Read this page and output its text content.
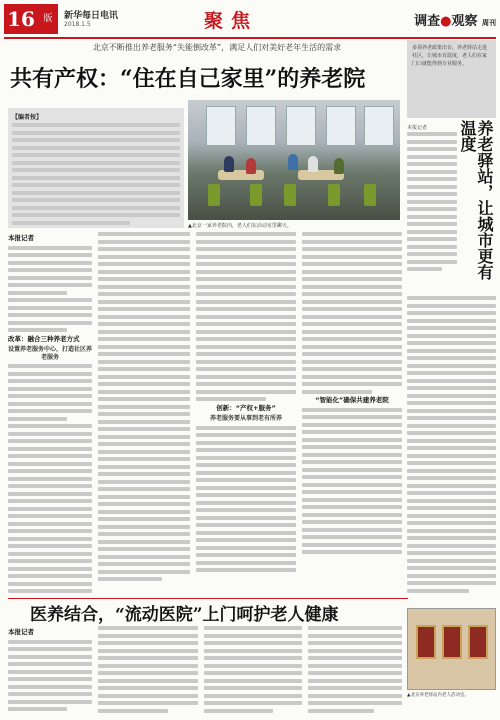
16 版	新华每日电讯
2018.1.5	聚焦	调查●观察 周刊
北京不断推出养老服务“失能倒改革”，满足人们对美好老年生活的需求
共有产权：“住在自己家里”的养老院
【编者按】
▲北京一家养老院内，老人们在活动室里聊天。
本报记者
改革：融合三种养老方式
设置养老服务中心，打造社区养老服务
创新：“产权+服务”
养老服务要从事到老有所养
“智能化”确保共建养老院
多项养老政策出台，养老驿站走进社区，让城市有温度，老人们在家门口就能得到专业服务。
本报记者	养老驿站，让城市更有温度
医养结合，“流动医院”上门呵护老人健康
本报记者
▲北京养老驿站内老人活动室。
